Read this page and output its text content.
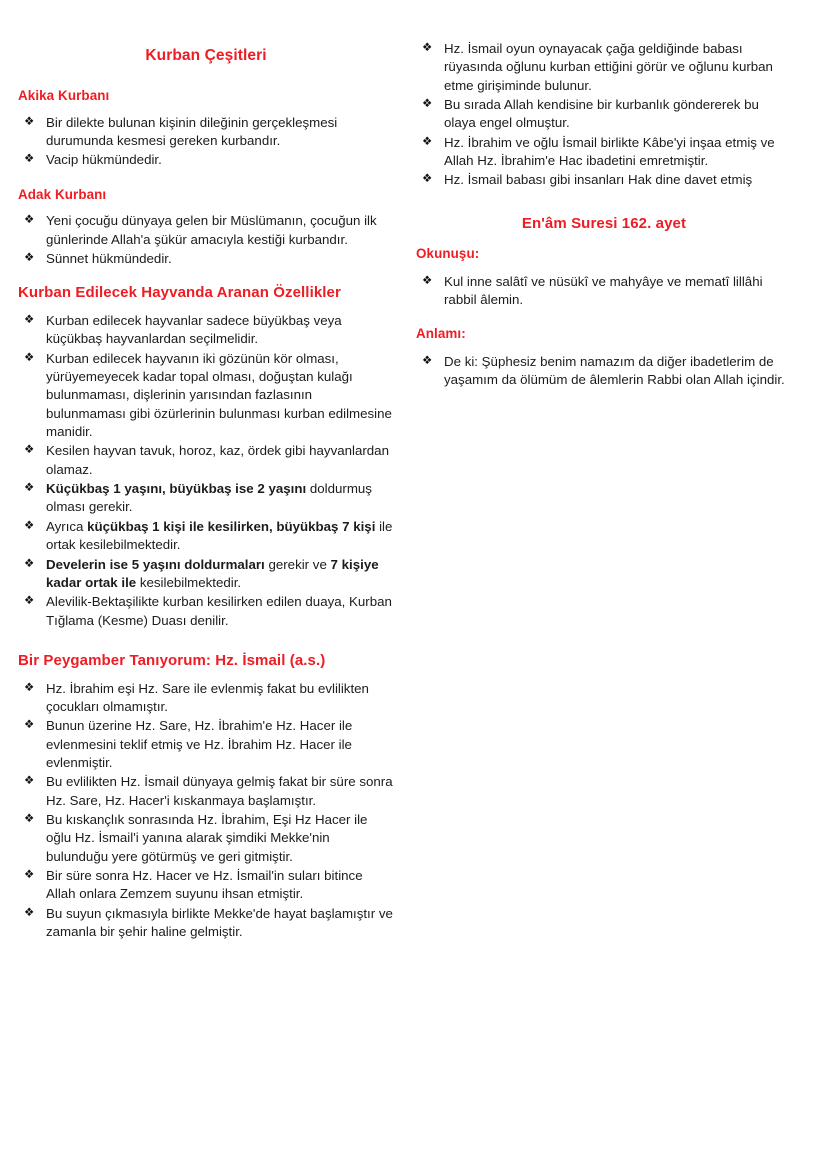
Kurban Çeşitleri
Akika Kurbanı
❖ Bir dilekte bulunan kişinin dileğinin gerçekleşmesi durumunda kesmesi gereken kurbandır.
❖ Vacip hükmündedir.
Adak Kurbanı
❖ Yeni çocuğu dünyaya gelen bir Müslümanın, çocuğun ilk günlerinde Allah'a şükür amacıyla kestiği kurbandır.
❖ Sünnet hükmündedir.
Kurban Edilecek Hayvanda Aranan Özellikler
❖ Kurban edilecek hayvanlar sadece büyükbaş veya küçükbaş hayvanlardan seçilmelidir.
❖ Kurban edilecek hayvanın iki gözünün kör olması, yürüyemeyecek kadar topal olması, doğuştan kulağı bulunmaması, dişlerinin yarısından fazlasının bulunmaması gibi özürlerinin bulunması kurban edilmesine manidir.
❖ Kesilen hayvan tavuk, horoz, kaz, ördek gibi hayvanlardan olamaz.
❖ Küçükbaş 1 yaşını, büyükbaş ise 2 yaşını doldurmuş olması gerekir.
❖ Ayrıca küçükbaş 1 kişi ile kesilirken, büyükbaş 7 kişi ile ortak kesilebilmektedir.
❖ Develerin ise 5 yaşını doldurmaları gerekir ve 7 kişiye kadar ortak ile kesilebilmektedir.
❖ Alevilik-Bektaşilikte kurban kesilirken edilen duaya, Kurban Tığlama (Kesme) Duası denilir.
Bir Peygamber Tanıyorum: Hz. İsmail (a.s.)
❖ Hz. İbrahim eşi Hz. Sare ile evlenmiş fakat bu evlilikten çocukları olmamıştır.
❖ Bunun üzerine Hz. Sare, Hz. İbrahim'e Hz. Hacer ile evlenmesini teklif etmiş ve Hz. İbrahim Hz. Hacer ile evlenmiştir.
❖ Bu evlilikten Hz. İsmail dünyaya gelmiş fakat bir süre sonra Hz. Sare, Hz. Hacer'i kıskanmaya başlamıştır.
❖ Bu kıskançlık sonrasında Hz. İbrahim, Eşi Hz Hacer ile oğlu Hz. İsmail'i yanına alarak şimdiki Mekke'nin bulunduğu yere götürmüş ve geri gitmiştir.
❖ Bir süre sonra Hz. Hacer ve Hz. İsmail'in suları bitince Allah onlara Zemzem suyunu ihsan etmiştir.
❖ Bu suyun çıkmasıyla birlikte Mekke'de hayat başlamıştır ve zamanla bir şehir haline gelmiştir.
❖ Hz. İsmail oyun oynayacak çağa geldiğinde babası rüyasında oğlunu kurban ettiğini görür ve oğlunu kurban etme girişiminde bulunur.
❖ Bu sırada Allah kendisine bir kurbanlık göndererek bu olaya engel olmuştur.
❖ Hz. İbrahim ve oğlu İsmail birlikte Kâbe'yi inşaa etmiş ve Allah Hz. İbrahim'e Hac ibadetini emretmiştir.
❖ Hz. İsmail babası gibi insanları Hak dine davet etmiş
En'âm Suresi 162. ayet
Okunuşu:
❖ Kul inne salâtî ve nüsükî ve mahyâye ve mematî lillâhi rabbil âlemin.
Anlamı:
❖ De ki: Şüphesiz benim namazım da diğer ibadetlerim de yaşamım da ölümüm de âlemlerin Rabbi olan Allah içindir.
